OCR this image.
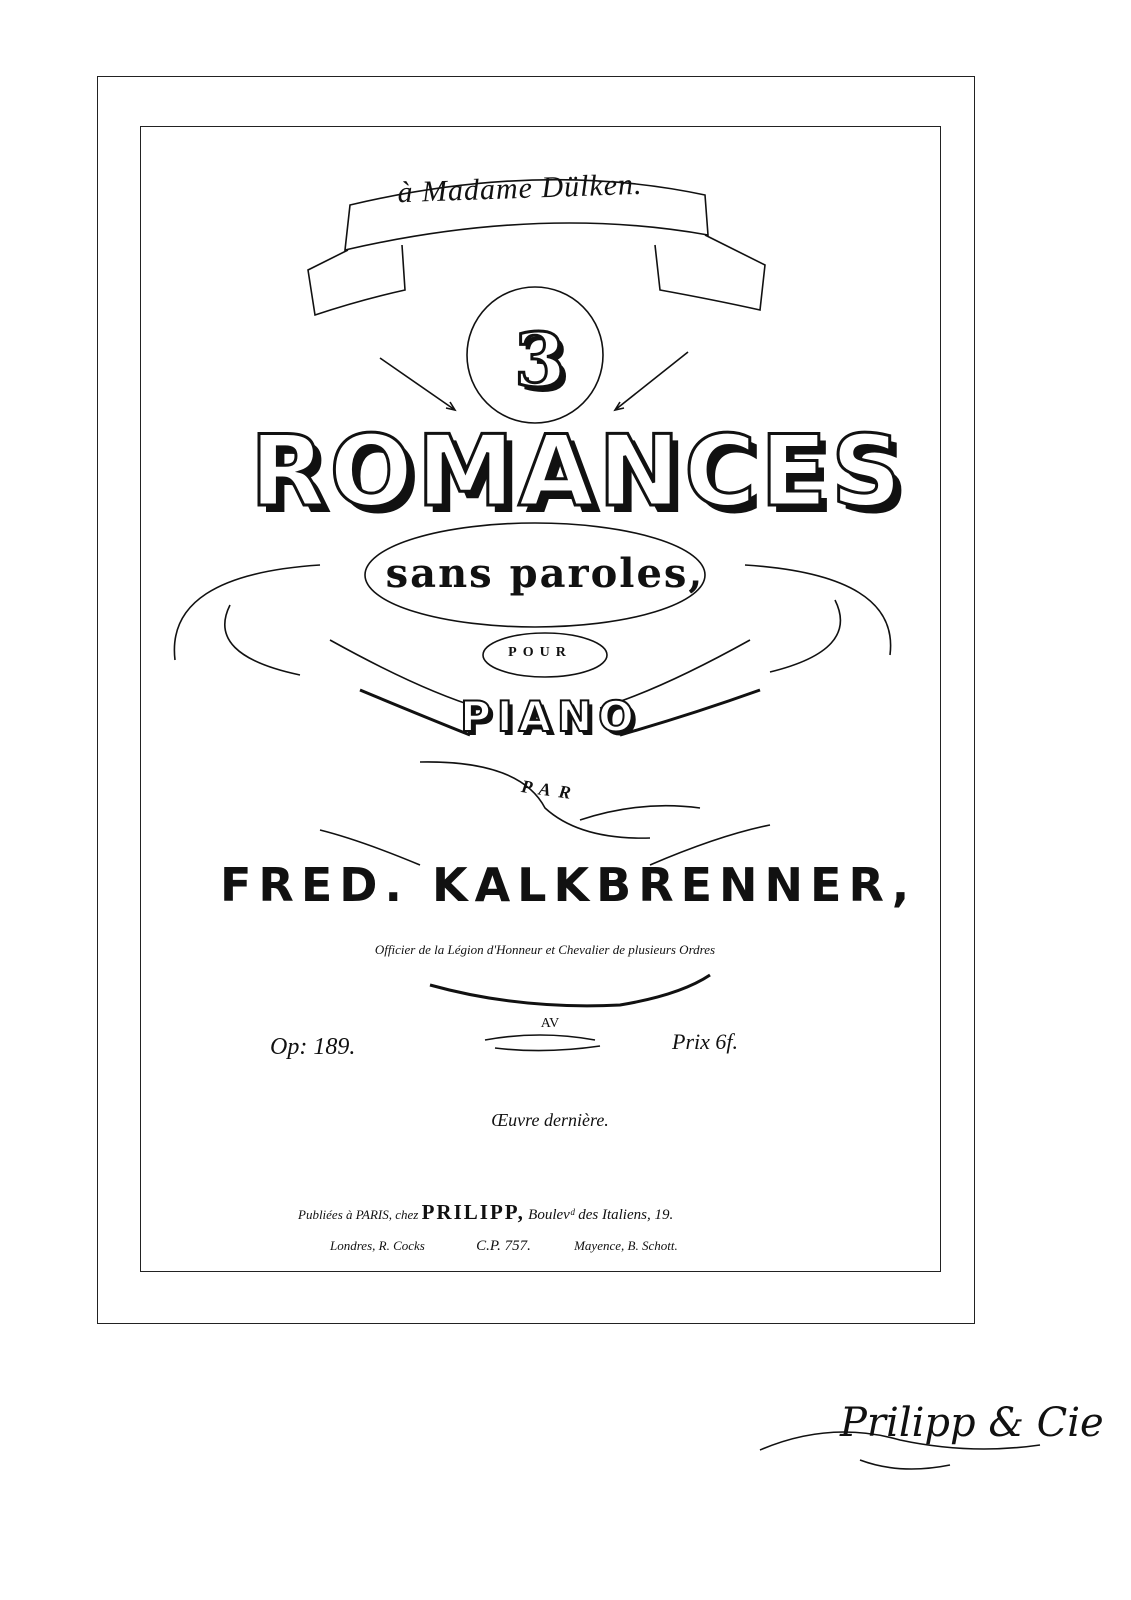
à Madame Dülken.
3
ROMANCES
sans paroles,
POUR
PIANO
PAR
FRED. KALKBRENNER,
Officier de la Légion d'Honneur et Chevalier de plusieurs Ordres
AV
Op: 189.	Prix 6f.
Œuvre dernière.
Publiées à PARIS, chez PRILIPP, Boulevᵈ des Italiens, 19.
Londres, R. Cocks	C.P. 757.	Mayence, B. Schott.
Prilipp & Cie
